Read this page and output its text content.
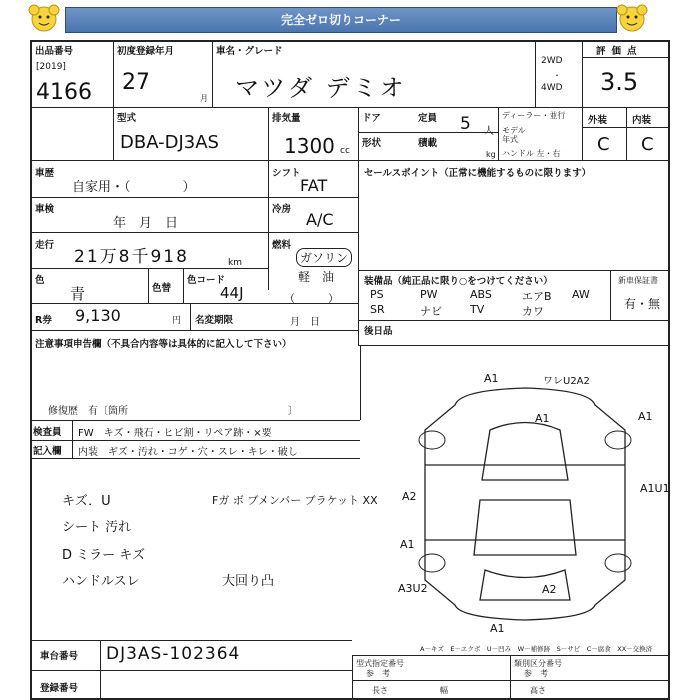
完全ゼロ切りコーナー
出品番号
[2019]
4166
初度登録年月
27
月
車名・グレード
マツダ デミオ
2WD
・
4WD
評価点
3.5
型式
DBA-DJ3AS
排気量
1300 cc
ドア	定員 5 人
形状	積載
kg
ディーラー・並行
モデル
年式
ハンドル 左・右
外装	内装
C C
車歴
自家用・（　　　　）
シフト
FAT
車検
　年　月　日
冷房
A/C
走行
21万8千918	km
燃料
ガソリン
軽　油
色
青	色替
色コード
44J	（　　　）
R券 9,130	円 名変期限	月　日
注意事項申告欄（不具合内容等は具体的に記入して下さい）
修復歴　有〔箇所　　　　　　　　　　　　　　　　〕
セールスポイント（正常に機能するものに限ります）
装備品（純正品に限り○をつけてください）	新車保証書
有・無
PS	PW	ABS	エアB AW
SR	ナビ	TV	カワ
後日品
検査員
記入欄
FW　キズ・飛石・ヒビ割・リペア跡・×要
内装　ギズ・汚れ・コゲ・穴・スレ・キレ・破し
キズ．U
シート 汚れ
D ミラー キズ
ハンドルスレ
Fガ ボ ブメンバー ブラケット XX
大回り凸
A1	ワレU2A2
A1	A1
A2
A1U1
A1
A3U2	A2
A1
A－キズ　E－エクボ　U－凹み　W－補修跡　S－サビ　C－腐食　XX－交換済
車台番号 DJ3AS-102364
登録番号
型式指定番号	類別区分番号
参　考	参　考
長さ	幅	高さ
